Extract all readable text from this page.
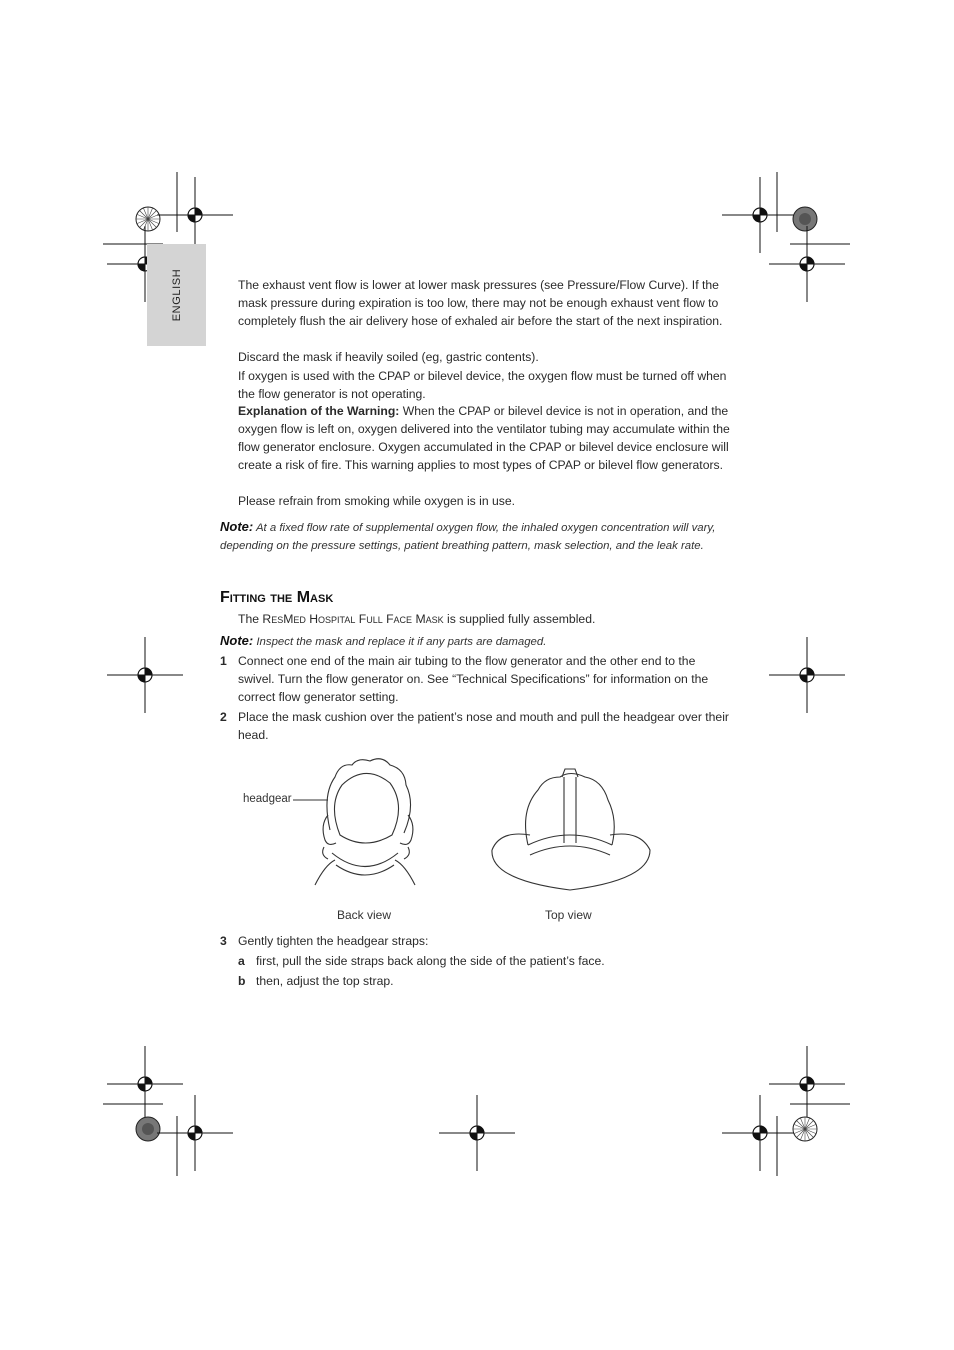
ENGLISH	The exhaust vent flow is lower at lower mask pressures (see Pressure/Flow Curve). If the mask pressure during expiration is too low, there may not be enough exhaust vent flow to completely flush the air delivery hose of exhaled air before the start of the next inspiration.

Discard the mask if heavily soiled (eg, gastric contents).

If oxygen is used with the CPAP or bilevel device, the oxygen flow must be turned off when the flow generator is not operating.

Explanation of the Warning: When the CPAP or bilevel device is not in operation, and the oxygen flow is left on, oxygen delivered into the ventilator tubing may accumulate within the flow generator enclosure. Oxygen accumulated in the CPAP or bilevel device enclosure will create a risk of fire. This warning applies to most types of CPAP or bilevel flow generators.

Please refrain from smoking while oxygen is in use.

Note: At a fixed flow rate of supplemental oxygen flow, the inhaled oxygen concentration will vary, depending on the pressure settings, patient breathing pattern, mask selection, and the leak rate.

Fitting the Mask

The ResMed Hospital Full Face Mask is supplied fully assembled.

Note: Inspect the mask and replace it if any parts are damaged.

1 Connect one end of the main air tubing to the flow generator and the other end to the swivel. Turn the flow generator on. See “Technical Specifications” for information on the correct flow generator setting.

2 Place the mask cushion over the patient’s nose and mouth and pull the headgear over their head.

headgear
Back view	Top view
3 Gently tighten the headgear straps:

a first, pull the side straps back along the side of the patient’s face.

b then, adjust the top strap.
